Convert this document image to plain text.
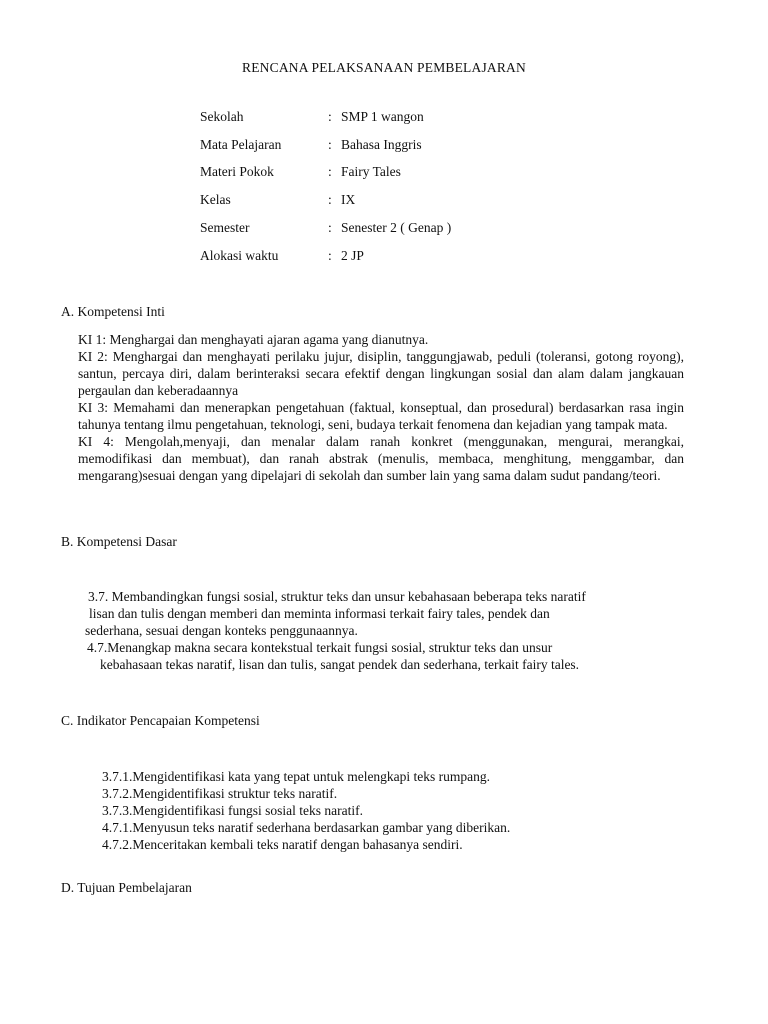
RENCANA PELAKSANAAN PEMBELAJARAN
Sekolah	: SMP 1 wangon
Mata Pelajaran	: Bahasa Inggris
Materi Pokok	: Fairy Tales
Kelas	: IX
Semester	: Senester 2 ( Genap )
Alokasi waktu	: 2 JP
A. Kompetensi Inti

KI 1: Menghargai dan menghayati ajaran agama yang dianutnya.

KI 2: Menghargai dan menghayati perilaku jujur, disiplin, tanggungjawab, peduli (toleransi, gotong royong), santun, percaya diri, dalam berinteraksi secara efektif dengan lingkungan sosial dan alam dalam jangkauan pergaulan dan keberadaannya

KI 3: Memahami dan menerapkan pengetahuan (faktual, konseptual, dan prosedural) berdasarkan rasa ingin tahunya tentang ilmu pengetahuan, teknologi, seni, budaya terkait fenomena dan kejadian yang tampak mata.

KI 4: Mengolah,menyaji, dan menalar dalam ranah konkret (menggunakan, mengurai, merangkai, memodifikasi dan membuat), dan ranah abstrak (menulis, membaca, menghitung, menggambar, dan mengarang)sesuai dengan yang dipelajari di sekolah dan sumber lain yang sama dalam sudut pandang/teori.

B. Kompetensi Dasar

3.7. Membandingkan fungsi sosial, struktur teks dan unsur kebahasaan beberapa teks naratif

lisan dan tulis dengan memberi dan meminta informasi terkait fairy tales, pendek dan

sederhana, sesuai dengan konteks penggunaannya.

4.7.Menangkap makna secara kontekstual terkait fungsi sosial, struktur teks dan unsur

kebahasaan tekas naratif, lisan dan tulis, sangat pendek dan sederhana, terkait fairy tales.

C. Indikator Pencapaian Kompetensi

3.7.1.Mengidentifikasi kata yang tepat untuk melengkapi teks rumpang.

3.7.2.Mengidentifikasi struktur teks naratif.

3.7.3.Mengidentifikasi fungsi sosial teks naratif.

4.7.1.Menyusun teks naratif sederhana berdasarkan gambar yang diberikan.

4.7.2.Menceritakan kembali teks naratif dengan bahasanya sendiri.

D. Tujuan Pembelajaran
